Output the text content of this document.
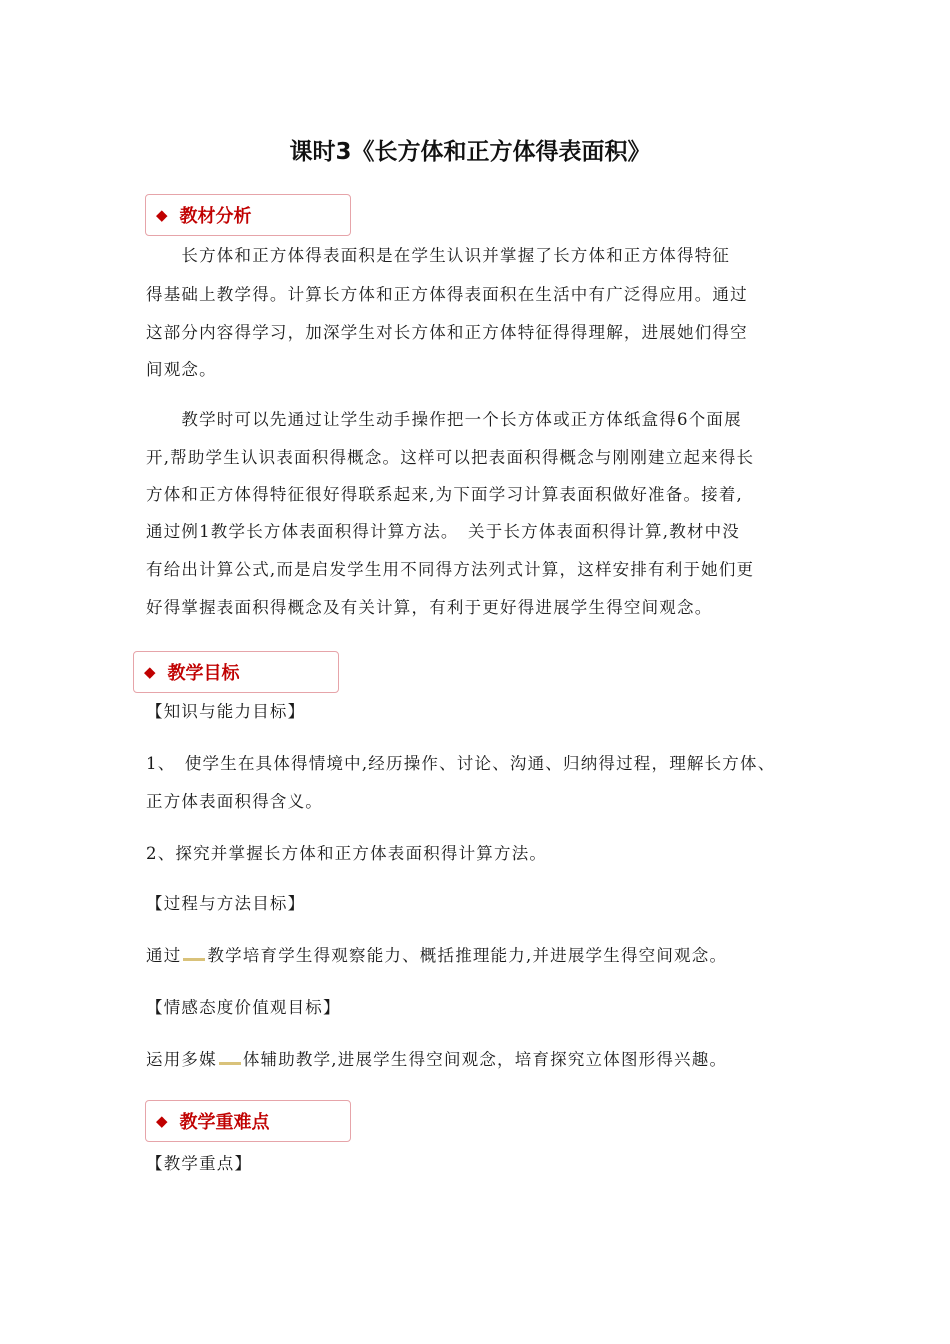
课时3《长方体和正方体得表面积》
◆ 教材分析
　　长方体和正方体得表面积是在学生认识并掌握了长方体和正方体得特征
得基础上教学得。计算长方体和正方体得表面积在生活中有广泛得应用。通过
这部分内容得学习，加深学生对长方体和正方体特征得得理解，进展她们得空
间观念。
　　教学时可以先通过让学生动手操作把一个长方体或正方体纸盒得6个面展
开,帮助学生认识表面积得概念。这样可以把表面积得概念与刚刚建立起来得长
方体和正方体得特征很好得联系起来,为下面学习计算表面积做好准备。接着,
通过例1教学长方体表面积得计算方法。　关于长方体表面积得计算,教材中没
有给出计算公式,而是启发学生用不同得方法列式计算，这样安排有利于她们更
好得掌握表面积得概念及有关计算，有利于更好得进展学生得空间观念。
◆ 教学目标
【知识与能力目标】
1、　使学生在具体得情境中,经历操作、讨论、沟通、归纳得过程，理解长方体、
正方体表面积得含义。
2、探究并掌握长方体和正方体表面积得计算方法。
【过程与方法目标】
通过 教学培育学生得观察能力、概括推理能力,并进展学生得空间观念。
【情感态度价值观目标】
运用多媒 体辅助教学,进展学生得空间观念，培育探究立体图形得兴趣。
◆ 教学重难点
【教学重点】
